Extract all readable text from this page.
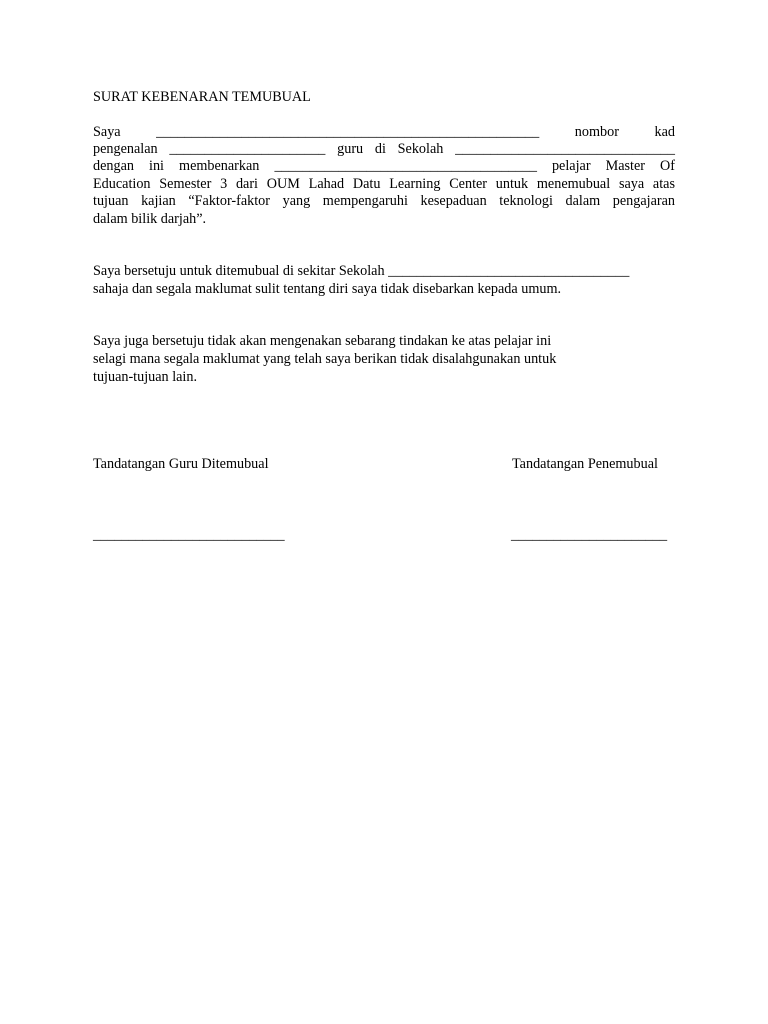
SURAT KEBENARAN TEMUBUAL
Saya ______________________________________________________ nombor kad
pengenalan ______________________ guru di Sekolah _______________________________
dengan ini membenarkan _____________________________________ pelajar Master Of
Education Semester 3 dari OUM Lahad Datu Learning Center untuk menemubual saya atas
tujuan kajian “Faktor-faktor yang mempengaruhi kesepaduan teknologi dalam pengajaran
dalam bilik darjah”.
Saya bersetuju untuk ditemubual di sekitar Sekolah __________________________________
sahaja dan segala maklumat sulit tentang diri saya tidak disebarkan kepada umum.
Saya juga bersetuju tidak akan mengenakan sebarang tindakan ke atas pelajar ini
selagi mana segala maklumat yang telah saya berikan tidak disalahgunakan untuk
tujuan-tujuan lain.
Tandatangan Guru Ditemubual	Tandatangan Penemubual
___________________________	______________________
